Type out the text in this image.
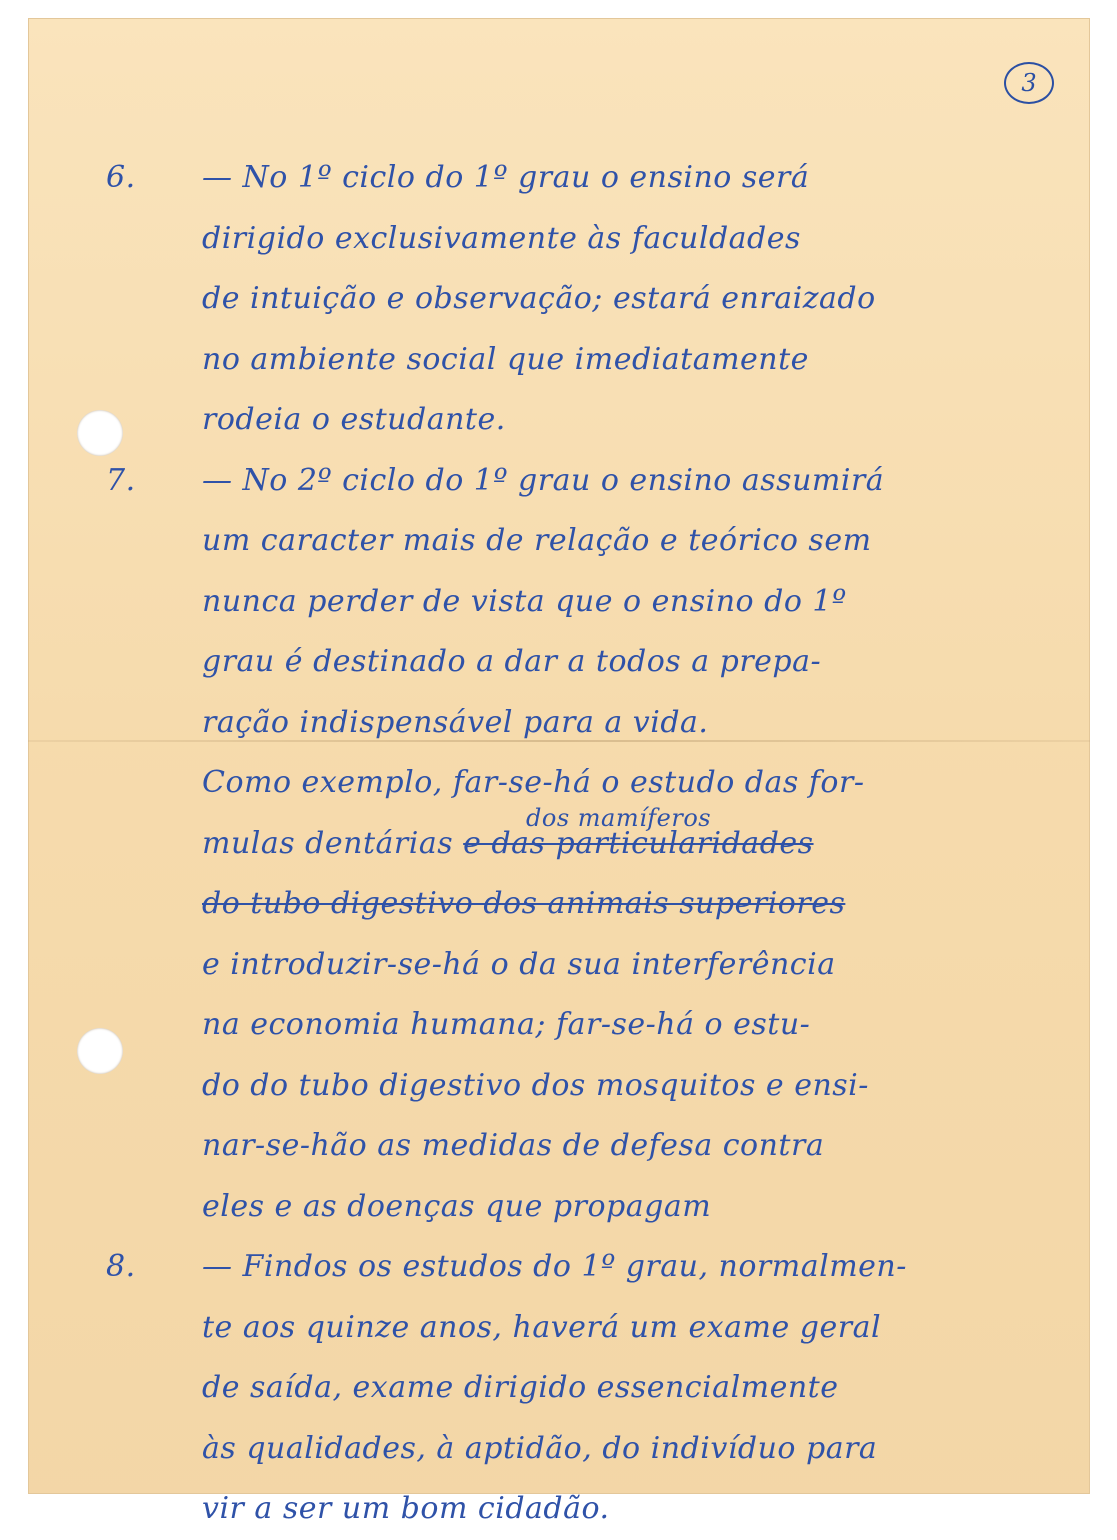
3
6. — No 1º ciclo do 1º grau o ensino será
dirigido exclusivamente às faculdades
de intuição e observação; estará enraizado
no ambiente social que imediatamente
rodeia o estudante.
7. — No 2º ciclo do 1º grau o ensino assumirá
um caracter mais de relação e teórico sem
nunca perder de vista que o ensino do 1º
grau é destinado a dar a todos a prepa-
ração indispensável para a vida.
Como exemplo, far-se-há o estudo das for-
dos mamíferos
mulas dentárias e das particularidades
do tubo digestivo dos animais superiores
e introduzir-se-há o da sua interferência
na economia humana; far-se-há o estu-
do do tubo digestivo dos mosquitos e ensi-
nar-se-hão as medidas de defesa contra
eles e as doenças que propagam
8. — Findos os estudos do 1º grau, normalmen-
te aos quinze anos, haverá um exame geral
de saída, exame dirigido essencialmente
às qualidades, à aptidão, do indivíduo para
vir a ser um bom cidadão.
